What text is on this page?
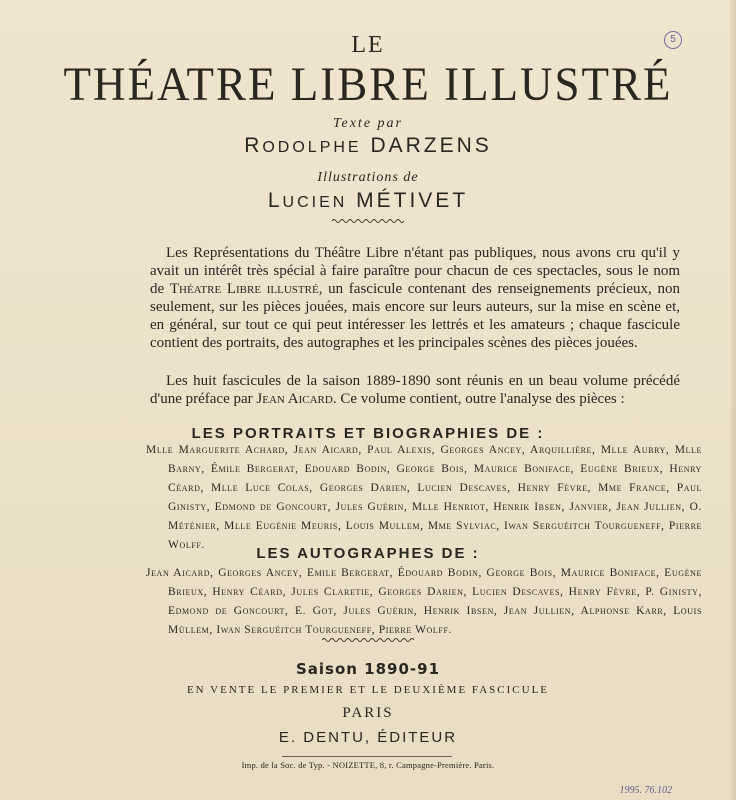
5
LE
THÉATRE LIBRE ILLUSTRÉ
Texte par
RODOLPHE DARZENS
Illustrations de
LUCIEN MÉTIVET

Les Représentations du Théâtre Libre n'étant pas publiques, nous avons cru qu'il y avait un intérêt très spécial à faire paraître pour chacun de ces spectacles, sous le nom de Théatre Libre illustré, un fascicule contenant des renseignements précieux, non seulement, sur les pièces jouées, mais encore sur leurs auteurs, sur la mise en scène et, en général, sur tout ce qui peut intéresser les lettrés et les amateurs ; chaque fascicule contient des portraits, des autographes et les principales scènes des pièces jouées.

Les huit fascicules de la saison 1889-1890 sont réunis en un beau volume précédé d'une préface par Jean Aicard. Ce volume contient, outre l'analyse des pièces :

LES PORTRAITS ET BIOGRAPHIES DE :

Mlle Marguerite Achard, Jean Aicard, Paul Alexis, Georges Ancey, Arquillière, Mlle Aubry, Mlle Barny, Émile Bergerat, Edouard Bodin, George Bois, Maurice Boniface, Eugène Brieux, Henry Céard, Mlle Luce Colas, Georges Darien, Lucien Descaves, Henry Fèvre, Mme France, Paul Ginisty, Edmond de Goncourt, Jules Guérin, Mlle Henriot, Henrik Ibsen, Janvier, Jean Jullien, O. Méténier, Mlle Eugénie Meuris, Louis Mullem, Mme Sylviac, Iwan Serguéitch Tourgueneff, Pierre Wolff.	LES AUTOGRAPHES DE :

Jean Aicard, Georges Ancey, Emile Bergerat, Édouard Bodin, George Bois, Maurice Boniface, Eugène Brieux, Henry Céard, Jules Claretie, Georges Darien, Lucien Descaves, Henry Fèvre, P. Ginisty, Edmond de Goncourt, E. Got, Jules Guérin, Henrik Ibsen, Jean Jullien, Alphonse Karr, Louis Müllem, Iwan Serguéitch Tourgueneff, Pierre Wolff.

Saison 1890-91
EN VENTE LE PREMIER ET LE DEUXIÈME FASCICULE
PARIS
E. DENTU, ÉDITEUR
Imp. de la Soc. de Typ. - NOIZETTE, 8, r. Campagne-Première. Paris.
1995. 76.102
